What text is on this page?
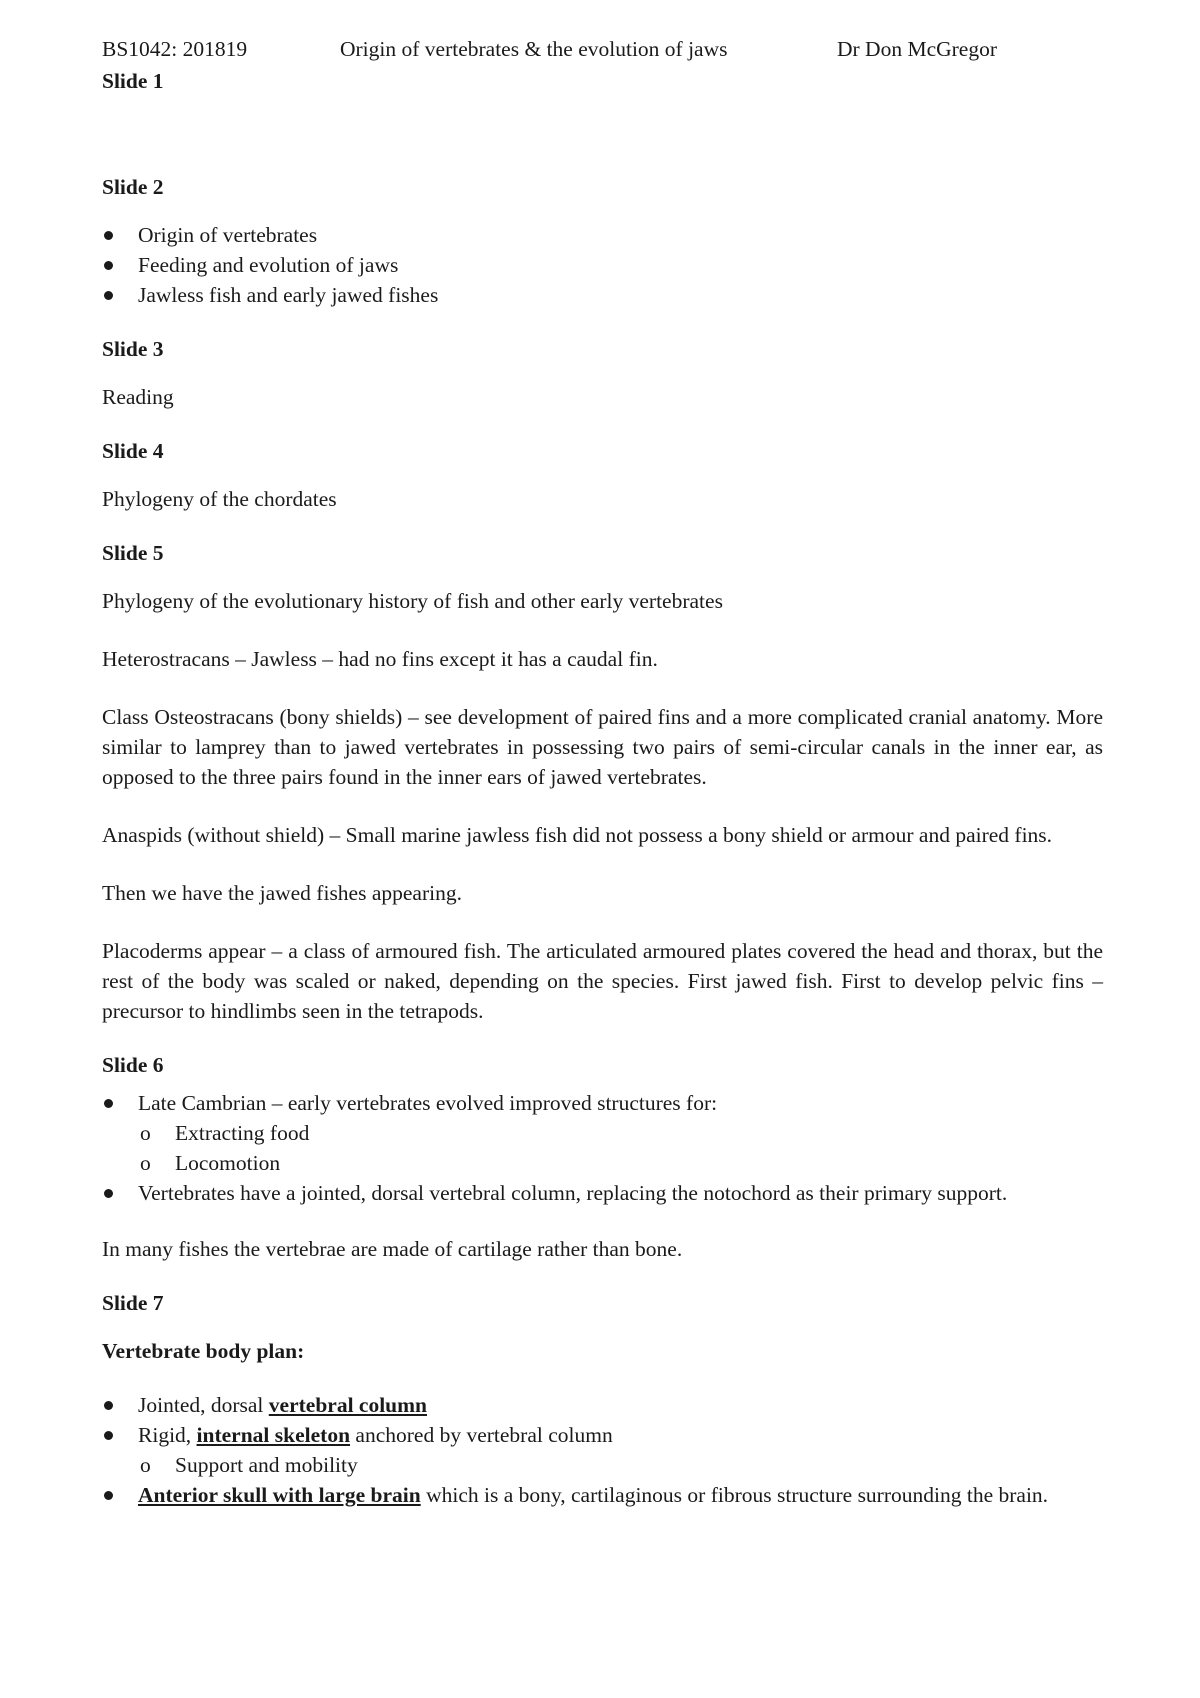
BS1042: 201819	Origin of vertebrates & the evolution of jaws	Dr Don McGregor

Slide 1

Slide 2

Origin of vertebrates
Feeding and evolution of jaws
Jawless fish and early jawed fishes

Slide 3

Reading

Slide 4

Phylogeny of the chordates

Slide 5

Phylogeny of the evolutionary history of fish and other early vertebrates

Heterostracans – Jawless – had no fins except it has a caudal fin.

Class Osteostracans (bony shields) – see development of paired fins and a more complicated cranial anatomy. More similar to lamprey than to jawed vertebrates in possessing two pairs of semi-circular canals in the inner ear, as opposed to the three pairs found in the inner ears of jawed vertebrates.

Anaspids (without shield) – Small marine jawless fish did not possess a bony shield or armour and paired fins.

Then we have the jawed fishes appearing.

Placoderms appear – a class of armoured fish. The articulated armoured plates covered the head and thorax, but the rest of the body was scaled or naked, depending on the species. First jawed fish. First to develop pelvic fins – precursor to hindlimbs seen in the tetrapods.

Slide 6

Late Cambrian – early vertebrates evolved improved structures for:
o Extracting food
o Locomotion
Vertebrates have a jointed, dorsal vertebral column, replacing the notochord as their primary support.

In many fishes the vertebrae are made of cartilage rather than bone.

Slide 7

Vertebrate body plan:

Jointed, dorsal vertebral column
Rigid, internal skeleton anchored by vertebral column
o Support and mobility
Anterior skull with large brain which is a bony, cartilaginous or fibrous structure surrounding the brain.
